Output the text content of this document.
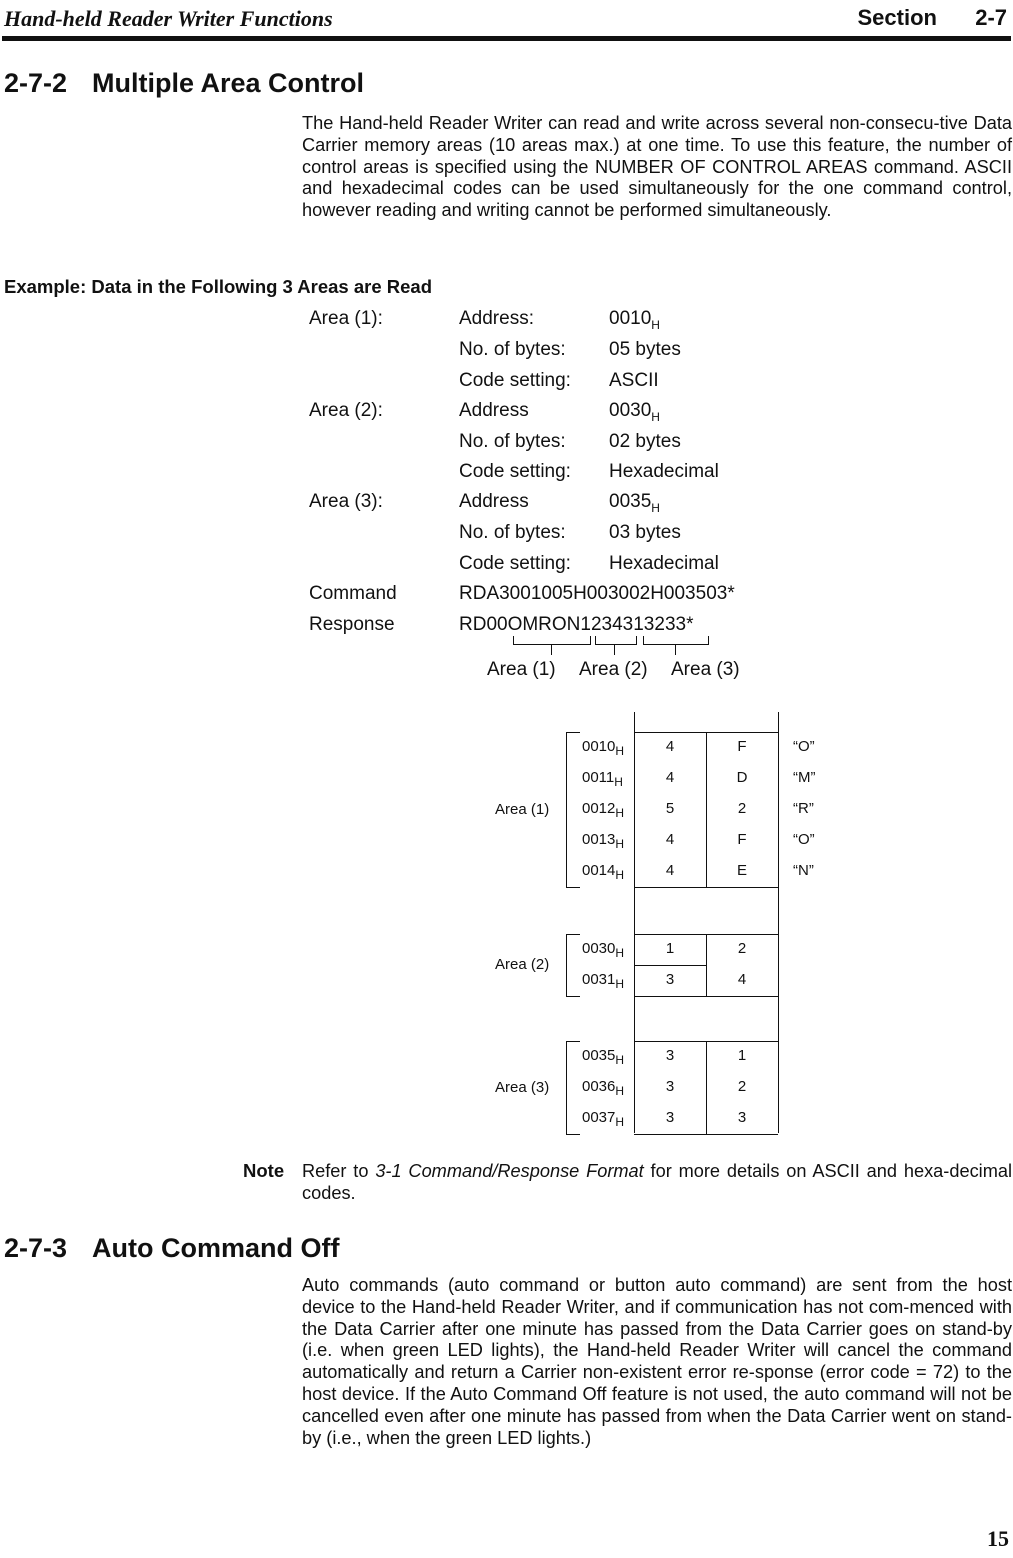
Hand-held Reader Writer Functions	Section 2-7
2-7-2 Multiple Area Control

The Hand-held Reader Writer can read and write across several non-consecu-tive Data Carrier memory areas (10 areas max.) at one time. To use this feature, the number of control areas is specified using the NUMBER OF CONTROL AREAS command. ASCII and hexadecimal codes can be used simultaneously for the one command control, however reading and writing cannot be performed simultaneously.

Example: Data in the Following 3 Areas are Read
Area (1):	Address:	$0010_H$
No. of bytes: 05 bytes
Code setting: ASCII
Area (2):	Address	$0030_H$
No. of bytes: 02 bytes
Code setting: Hexadecimal
Area (3):	Address	$0035_H$
No. of bytes: 03 bytes
Code setting: Hexadecimal
Command	RDA3001005H003002H003503*
Response	RD00OMRON1234313233*
Area (1) Area (2) Area (3)
Area (1)
$0010_H$	4	F	“O”
$0011_H$	4	D	“M”
$0012_H$	5	2	“R”
$0013_H$	4	F	“O”
$0014_H$	4	E	“N”
Area (2)
$0030_H$	1	2
$0031_H$	3	4
Area (3)
$0035_H$	3	1
$0036_H$	3	2
$0037_H$	3	3
Note Refer to 3-1 Command/Response Format for more details on ASCII and hexa-decimal codes.

2-7-3 Auto Command Off

Auto commands (auto command or button auto command) are sent from the host device to the Hand-held Reader Writer, and if communication has not com-menced with the Data Carrier after one minute has passed from the Data Carrier goes on stand-by (i.e. when green LED lights), the Hand-held Reader Writer will cancel the command automatically and return a Carrier non-existent error re-sponse (error code = 72) to the host device. If the Auto Command Off feature is not used, the auto command will not be cancelled even after one minute has passed from when the Data Carrier went on stand-by (i.e., when the green LED lights.)

15
